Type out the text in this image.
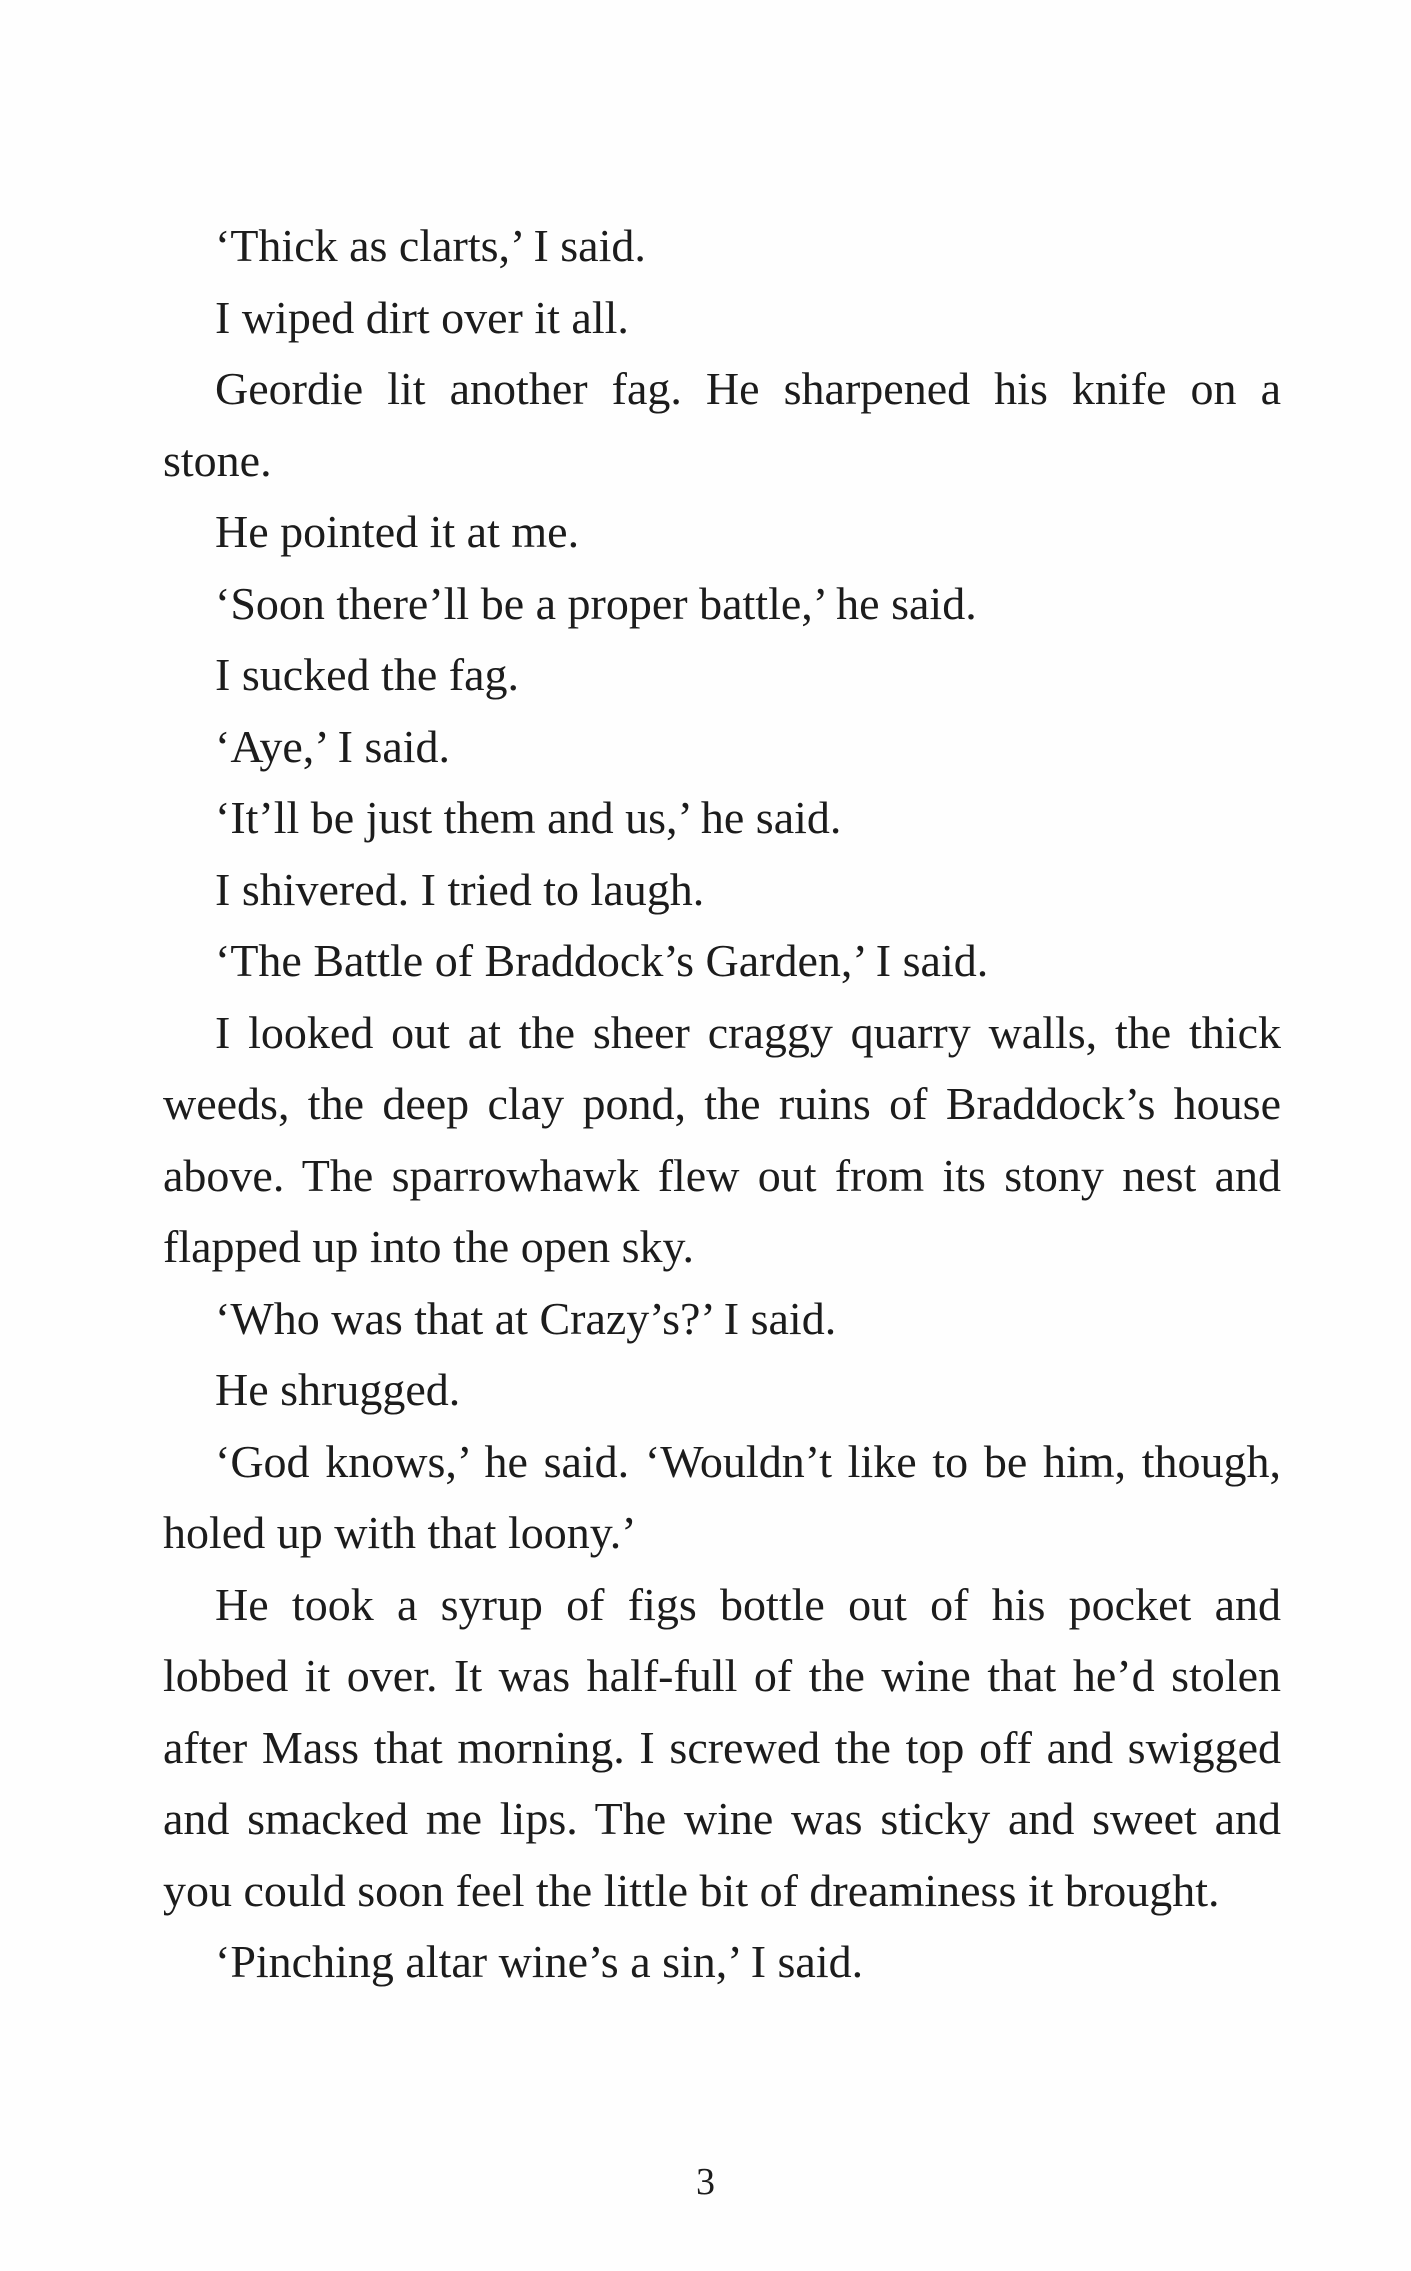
‘Thick as clarts,’ I said.

I wiped dirt over it all.

Geordie lit another fag. He sharpened his knife on a stone.

He pointed it at me.

‘Soon there’ll be a proper battle,’ he said.

I sucked the fag.

‘Aye,’ I said.

‘It’ll be just them and us,’ he said.

I shivered. I tried to laugh.

‘The Battle of Braddock’s Garden,’ I said.

I looked out at the sheer craggy quarry walls, the thick weeds, the deep clay pond, the ruins of Braddock’s house above. The sparrowhawk flew out from its stony nest and flapped up into the open sky.

‘Who was that at Crazy’s?’ I said.

He shrugged.

‘God knows,’ he said. ‘Wouldn’t like to be him, though, holed up with that loony.’

He took a syrup of figs bottle out of his pocket and lobbed it over. It was half-full of the wine that he’d stolen after Mass that morning. I screwed the top off and swigged and smacked me lips. The wine was sticky and sweet and you could soon feel the little bit of dreaminess it brought.

‘Pinching altar wine’s a sin,’ I said.

3
